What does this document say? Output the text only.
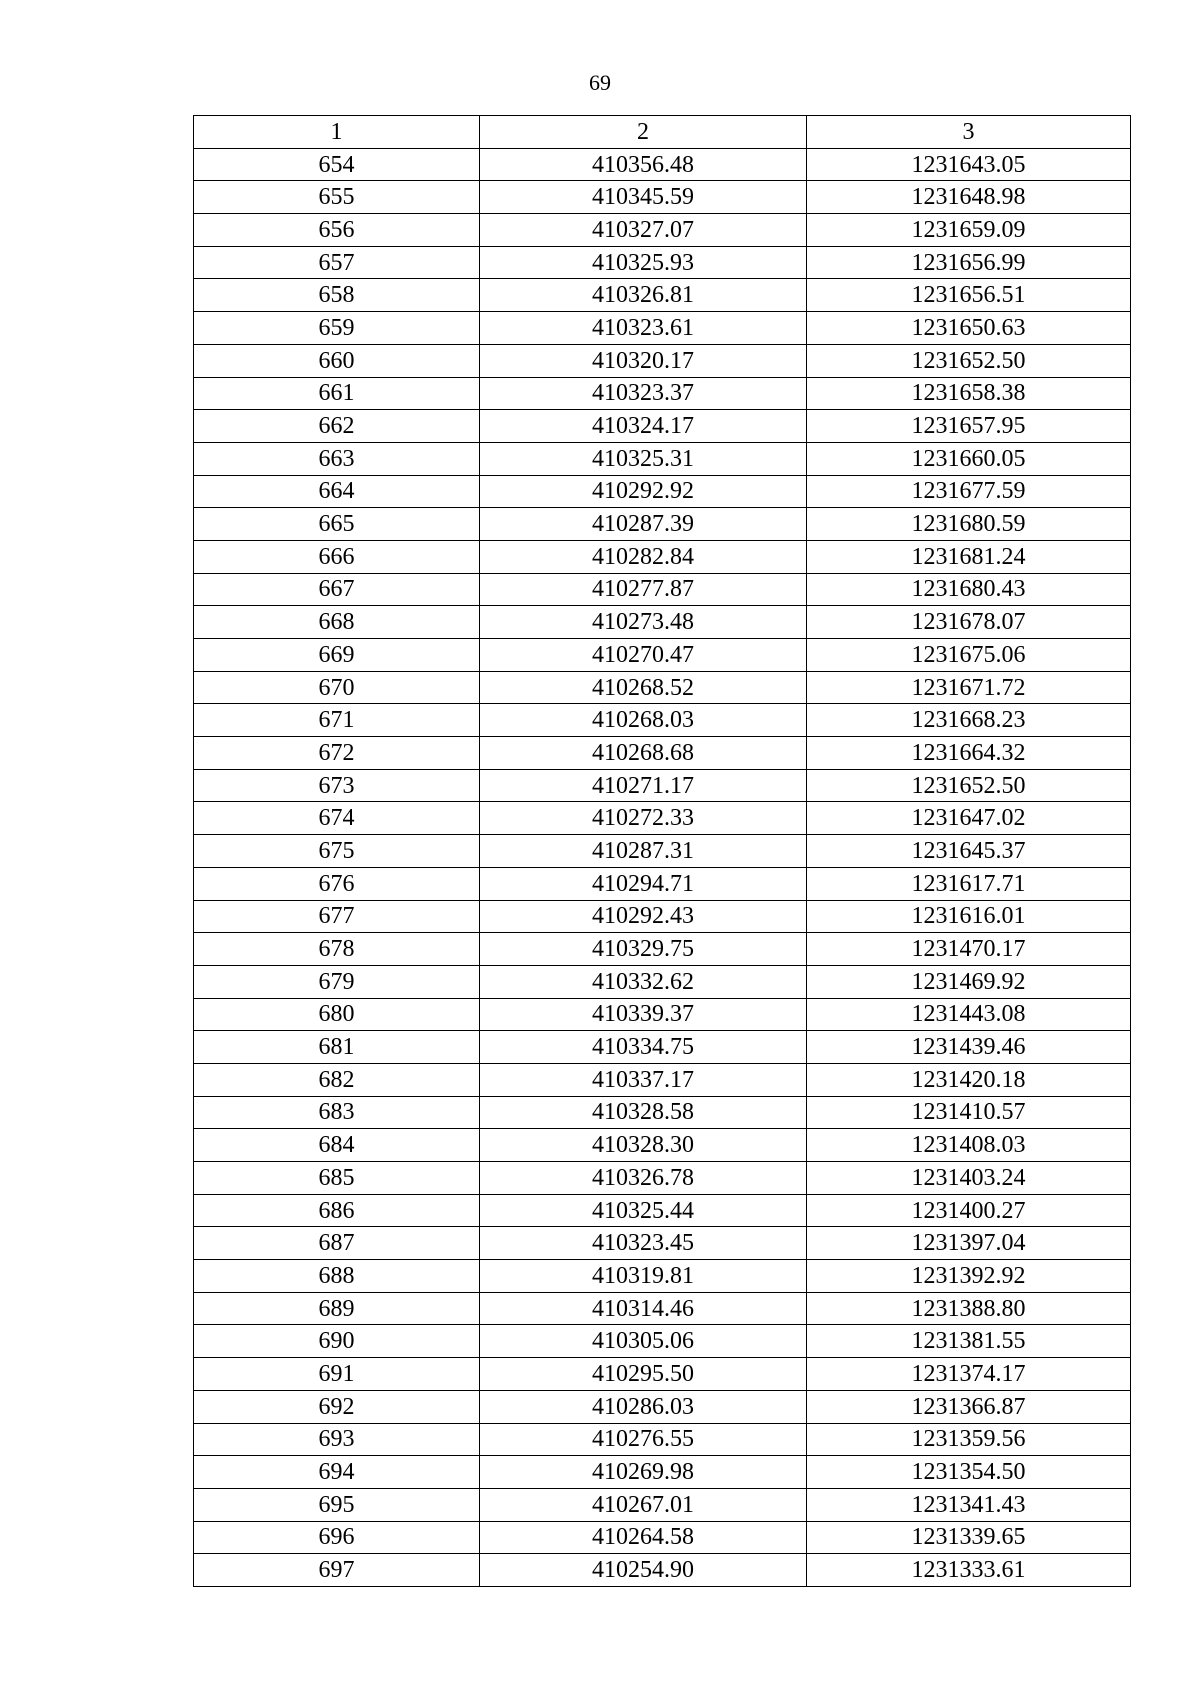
69
1	2	3
654	410356.48	1231643.05
655	410345.59	1231648.98
656	410327.07	1231659.09
657	410325.93	1231656.99
658	410326.81	1231656.51
659	410323.61	1231650.63
660	410320.17	1231652.50
661	410323.37	1231658.38
662	410324.17	1231657.95
663	410325.31	1231660.05
664	410292.92	1231677.59
665	410287.39	1231680.59
666	410282.84	1231681.24
667	410277.87	1231680.43
668	410273.48	1231678.07
669	410270.47	1231675.06
670	410268.52	1231671.72
671	410268.03	1231668.23
672	410268.68	1231664.32
673	410271.17	1231652.50
674	410272.33	1231647.02
675	410287.31	1231645.37
676	410294.71	1231617.71
677	410292.43	1231616.01
678	410329.75	1231470.17
679	410332.62	1231469.92
680	410339.37	1231443.08
681	410334.75	1231439.46
682	410337.17	1231420.18
683	410328.58	1231410.57
684	410328.30	1231408.03
685	410326.78	1231403.24
686	410325.44	1231400.27
687	410323.45	1231397.04
688	410319.81	1231392.92
689	410314.46	1231388.80
690	410305.06	1231381.55
691	410295.50	1231374.17
692	410286.03	1231366.87
693	410276.55	1231359.56
694	410269.98	1231354.50
695	410267.01	1231341.43
696	410264.58	1231339.65
697	410254.90	1231333.61
